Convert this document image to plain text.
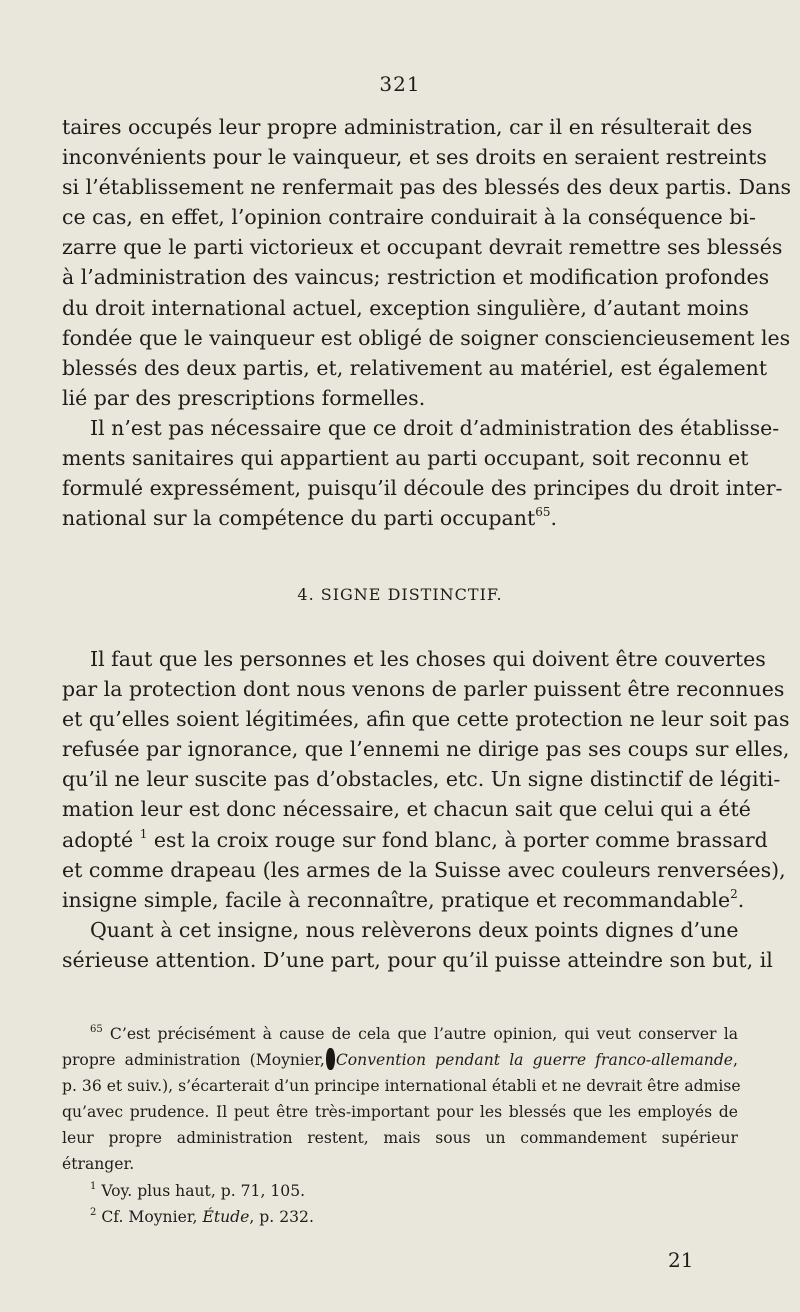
321
taires occupés leur propre administration, car il en résulterait des
inconvénients pour le vainqueur, et ses droits en seraient restreints
si l’établissement ne renfermait pas des blessés des deux partis. Dans
ce cas, en effet, l’opinion contraire conduirait à la conséquence bi-
zarre que le parti victorieux et occupant devrait remettre ses blessés
à l’administration des vaincus; restriction et modification profondes
du droit international actuel, exception singulière, d’autant moins
fondée que le vainqueur est obligé de soigner consciencieusement les
blessés des deux partis, et, relativement au matériel, est également
lié par des prescriptions formelles.
Il n’est pas nécessaire que ce droit d’administration des établisse-
ments sanitaires qui appartient au parti occupant, soit reconnu et
formulé expressément, puisqu’il découle des principes du droit inter-
national sur la compétence du parti occupant$^{65}$.
4. SIGNE DISTINCTIF.
Il faut que les personnes et les choses qui doivent être couvertes
par la protection dont nous venons de parler puissent être reconnues
et qu’elles soient légitimées, afin que cette protection ne leur soit pas
refusée par ignorance, que l’ennemi ne dirige pas ses coups sur elles,
qu’il ne leur suscite pas d’obstacles, etc. Un signe distinctif de légiti-
mation leur est donc nécessaire, et chacun sait que celui qui a été
adopté $^1$ est la croix rouge sur fond blanc, à porter comme brassard
et comme drapeau (les armes de la Suisse avec couleurs renversées),
insigne simple, facile à reconnaître, pratique et recommandable$^2$.
Quant à cet insigne, nous relèverons deux points dignes d’une
sérieuse attention. D’une part, pour qu’il puisse atteindre son but, il
$^{65}$ C’est précisément à cause de cela que l’autre opinion, qui veut conserver la
propre administration (Moynier, Convention pendant la guerre franco-allemande,
p. 36 et suiv.), s’écarterait d’un principe international établi et ne devrait être admise
qu’avec prudence. Il peut être très-important pour les blessés que les employés de
leur propre administration restent, mais sous un commandement supérieur
étranger.
$^1$ Voy. plus haut, p. 71, 105.
$^2$ Cf. Moynier, Étude, p. 232.
21
